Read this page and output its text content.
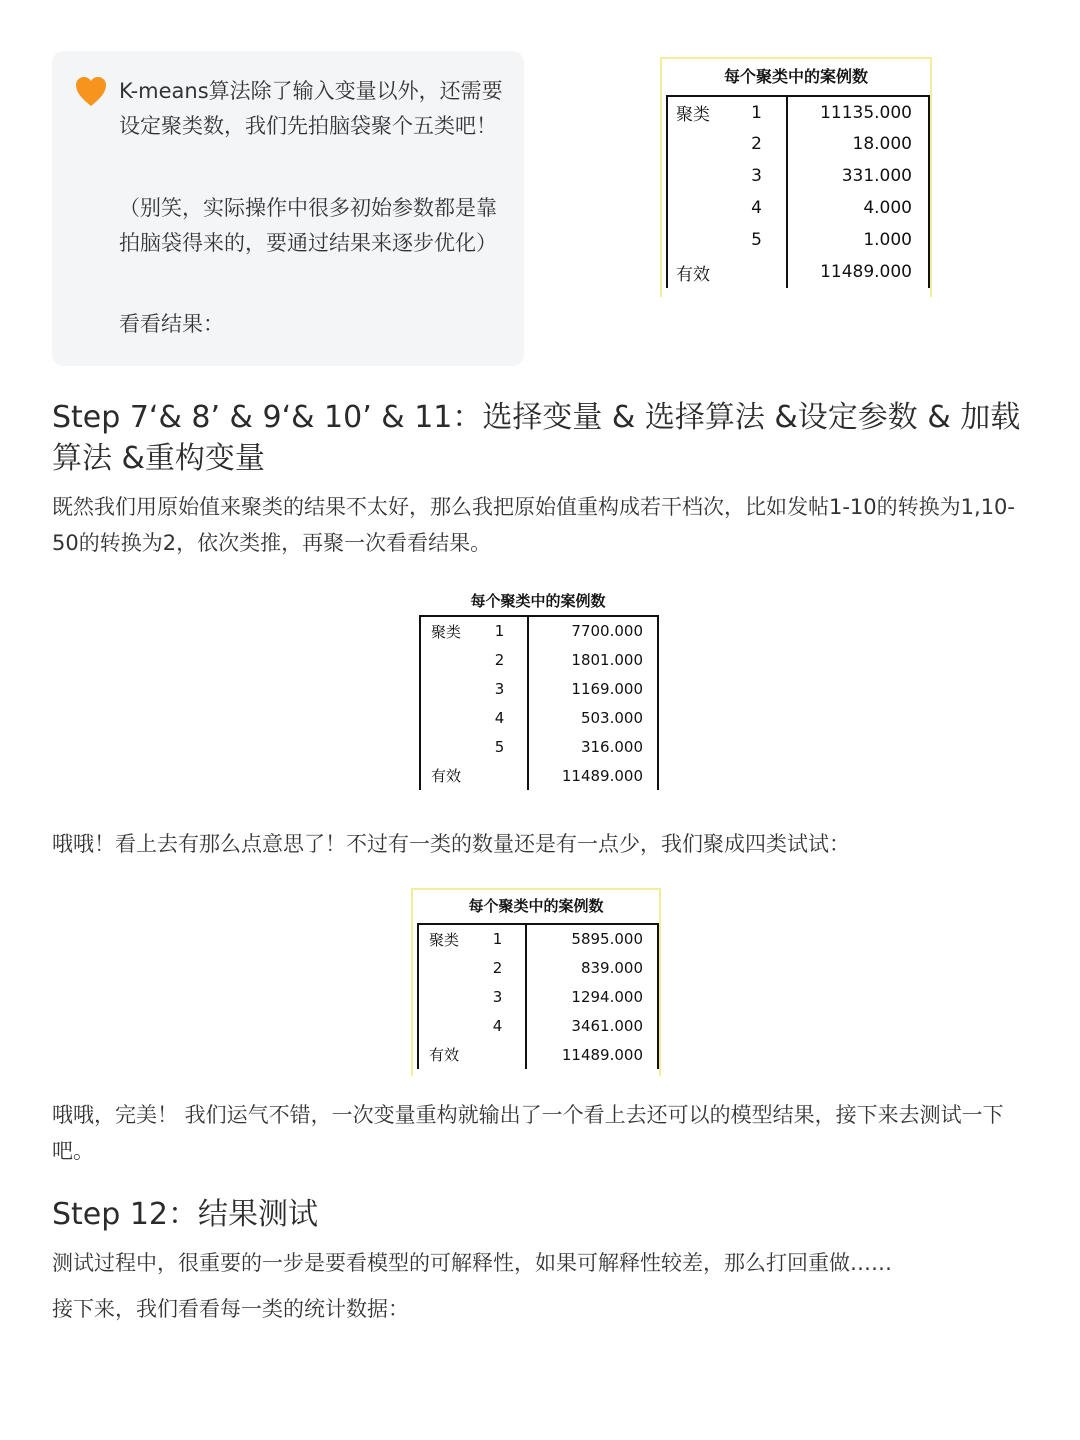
K-means算法除了输入变量以外，还需要设定聚类数，我们先拍脑袋聚个五类吧！

（别笑，实际操作中很多初始参数都是靠拍脑袋得来的，要通过结果来逐步优化）

看看结果：

每个聚类中的案例数
聚类	1	11135.000
	2	18.000
	3	331.000
	4	4.000
	5	1.000
有效		11489.000
Step 7‘& 8’ & 9‘& 10’ & 11：选择变量 & 选择算法 &设定参数 & 加载算法 &重构变量

既然我们用原始值来聚类的结果不太好，那么我把原始值重构成若干档次，比如发帖1-10的转换为1,10-50的转换为2，依次类推，再聚一次看看结果。

每个聚类中的案例数
聚类	1	7700.000
	2	1801.000
	3	1169.000
	4	503.000
	5	316.000
有效		11489.000

哦哦！看上去有那么点意思了！不过有一类的数量还是有一点少，我们聚成四类试试：

每个聚类中的案例数
聚类	1	5895.000
	2	839.000
	3	1294.000
	4	3461.000
有效		11489.000

哦哦，完美！ 我们运气不错，一次变量重构就输出了一个看上去还可以的模型结果，接下来去测试一下吧。

Step 12：结果测试

测试过程中，很重要的一步是要看模型的可解释性，如果可解释性较差，那么打回重做……

接下来，我们看看每一类的统计数据：
